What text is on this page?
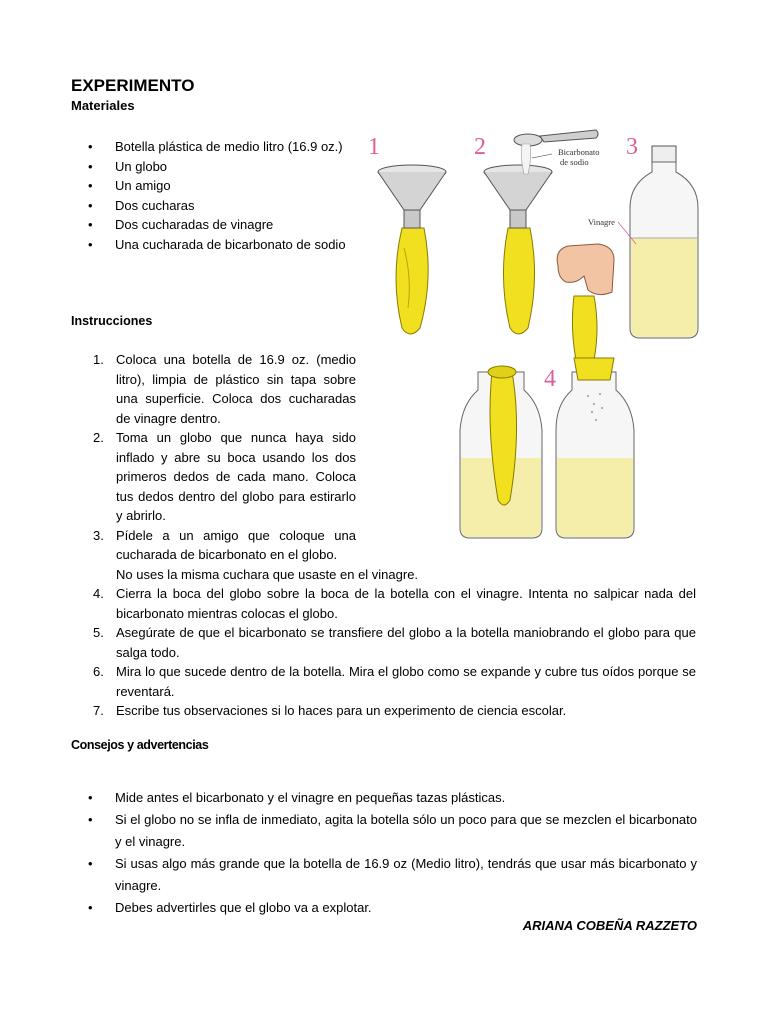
EXPERIMENTO
Materiales
• Botella plástica de medio litro (16.9 oz.)
• Un globo
• Un amigo
• Dos cucharas
• Dos cucharadas de vinagre
• Una cucharada de bicarbonato de sodio
Instrucciones
1. Coloca una botella de 16.9 oz. (medio litro), limpia de plástico sin tapa sobre una superficie. Coloca dos cucharadas de vinagre dentro.
2. Toma un globo que nunca haya sido inflado y abre su boca usando los dos primeros dedos de cada mano. Coloca tus dedos dentro del globo para estirarlo y abrirlo.
3. Pídele a un amigo que coloque una cucharada de bicarbonato en el globo.
No uses la misma cuchara que usaste en el vinagre.
4. Cierra la boca del globo sobre la boca de la botella con el vinagre. Intenta no salpicar nada del bicarbonato mientras colocas el globo.
5. Asegúrate de que el bicarbonato se transfiere del globo a la botella maniobrando el globo para que salga todo.
6. Mira lo que sucede dentro de la botella. Mira el globo como se expande y cubre tus oídos porque se reventará.
7. Escribe tus observaciones si lo haces para un experimento de ciencia escolar.
Consejos y advertencias
• Mide antes el bicarbonato y el vinagre en pequeñas tazas plásticas.
• Si el globo no se infla de inmediato, agita la botella sólo un poco para que se mezclen el bicarbonato y el vinagre.
• Si usas algo más grande que la botella de 16.9 oz (Medio litro), tendrás que usar más bicarbonato y vinagre.
• Debes advertirles que el globo va a explotar.
ARIANA COBEÑA RAZZETO
1	2	3
4
Bicarbonato
de sodio
Vinagre
